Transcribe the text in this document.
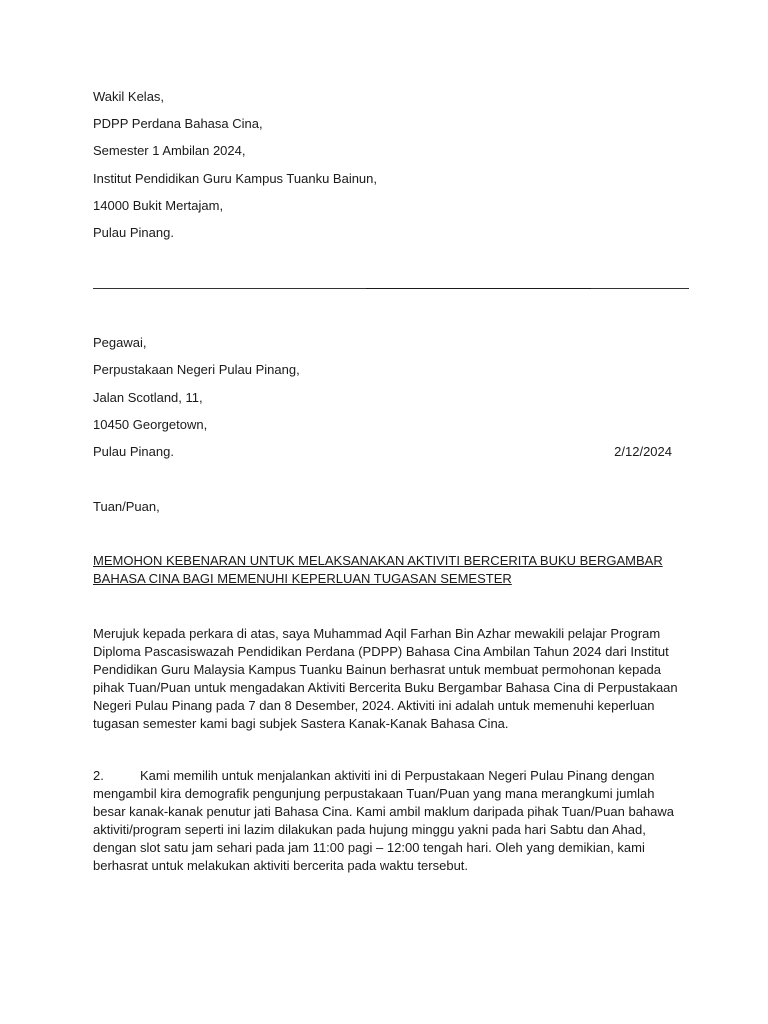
Wakil Kelas,
PDPP Perdana Bahasa Cina,
Semester 1 Ambilan 2024,
Institut Pendidikan Guru Kampus Tuanku Bainun,
14000 Bukit Mertajam,
Pulau Pinang.
Pegawai,
Perpustakaan Negeri Pulau Pinang,
Jalan Scotland, 11,
10450 Georgetown,
Pulau Pinang.	2/12/2024
Tuan/Puan,
MEMOHON KEBENARAN UNTUK MELAKSANAKAN AKTIVITI BERCERITA BUKU BERGAMBAR BAHASA CINA BAGI MEMENUHI KEPERLUAN TUGASAN SEMESTER
Merujuk kepada perkara di atas, saya Muhammad Aqil Farhan Bin Azhar mewakili pelajar Program Diploma Pascasiswazah Pendidikan Perdana (PDPP) Bahasa Cina Ambilan Tahun 2024 dari Institut Pendidikan Guru Malaysia Kampus Tuanku Bainun berhasrat untuk membuat permohonan kepada pihak Tuan/Puan untuk mengadakan Aktiviti Bercerita Buku Bergambar Bahasa Cina di Perpustakaan Negeri Pulau Pinang pada 7 dan 8 Desember, 2024. Aktiviti ini adalah untuk memenuhi keperluan tugasan semester kami bagi subjek Sastera Kanak-Kanak Bahasa Cina.
2.	Kami memilih untuk menjalankan aktiviti ini di Perpustakaan Negeri Pulau Pinang dengan mengambil kira demografik pengunjung perpustakaan Tuan/Puan yang mana merangkumi jumlah besar kanak-kanak penutur jati Bahasa Cina. Kami ambil maklum daripada pihak Tuan/Puan bahawa aktiviti/program seperti ini lazim dilakukan pada hujung minggu yakni pada hari Sabtu dan Ahad, dengan slot satu jam sehari pada jam 11:00 pagi – 12:00 tengah hari. Oleh yang demikian, kami berhasrat untuk melakukan aktiviti bercerita pada waktu tersebut.
